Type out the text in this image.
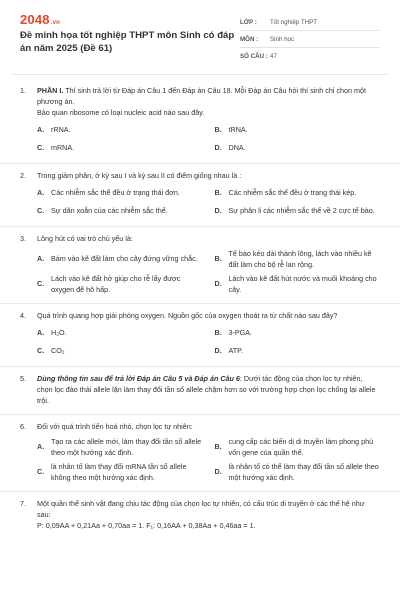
2048.vn
Đề minh họa tốt nghiệp THPT môn Sinh có đáp án năm 2025 (Đề 61)
LỚP :	Tốt nghiệp THPT
MÔN :	Sinh học
SỐ CÂU : 47
1.	PHẦN I. Thí sinh trả lời từ Đáp án Câu 1 đến Đáp án Câu 18. Mỗi Đáp án Câu hỏi thí sinh chỉ chọn một phương án.
Bào quan ribosome có loại nucleic acid nào sau đây.
A. rRNA.	B. tRNA.
C. mRNA.	D. DNA.
2.	Trong giảm phân, ở kỳ sau I và kỳ sau II có điểm giống nhau là :
A. Các nhiễm sắc thể đều ở trạng thái đơn.	B. Các nhiễm sắc thể đều ở trạng thái kép.
C. Sự dãn xoắn của các nhiễm sắc thể.	D. Sự phân li các nhiễm sắc thể về 2 cực tế bào.
3.	Lông hút có vai trò chủ yếu là:
A. Bám vào kẽ đất làm cho cây đứng vững chắc.	B.
Tế bào kéo dài thành lông, lách vào nhiều kẽ đất làm cho bộ rễ lan rộng.
C.
Lách vào kẽ đất hở giúp cho rễ lấy được oxygen để hô hấp.
D.
Lách vào kẽ đất hút nước và muối khoáng cho cây.
4.	Quá trình quang hợp giải phóng oxygen. Nguồn gốc của oxygen thoát ra từ chất nào sau đây?
A. H₂O.	B. 3-PGA.
C. CO₂	D. ATP.
5.	Dùng thông tin sau để trả lời Đáp án Câu 5 và Đáp án Câu 6: Dưới tác động của chọn lọc tự nhiên, chọn lọc đào thải allele lặn làm thay đổi tần số allele chậm hơn so với trường hợp chọn lọc chống lại allele trội.
6.	Đối với quá trình tiến hoá nhỏ, chọn lọc tự nhiên:
A.
Tạo ra các allele mới, làm thay đổi tần số allele theo một hướng xác định.
B.
cung cấp các biến dị di truyền làm phong phú vốn gene của quần thể.
C.
là nhân tố làm thay đổi mRNA tần số allele không theo một hướng xác định.
D.
là nhân tố có thể làm thay đổi tần số allele theo một hướng xác định.
7.	Một quần thể sinh vật đang chịu tác động của chọn lọc tự nhiên, có cấu trúc di truyền ở các thế hệ như sau:
P: 0,09AA + 0,21Aa + 0,70aa = 1. F₁: 0,16AA + 0,38Aa + 0,46aa = 1.
